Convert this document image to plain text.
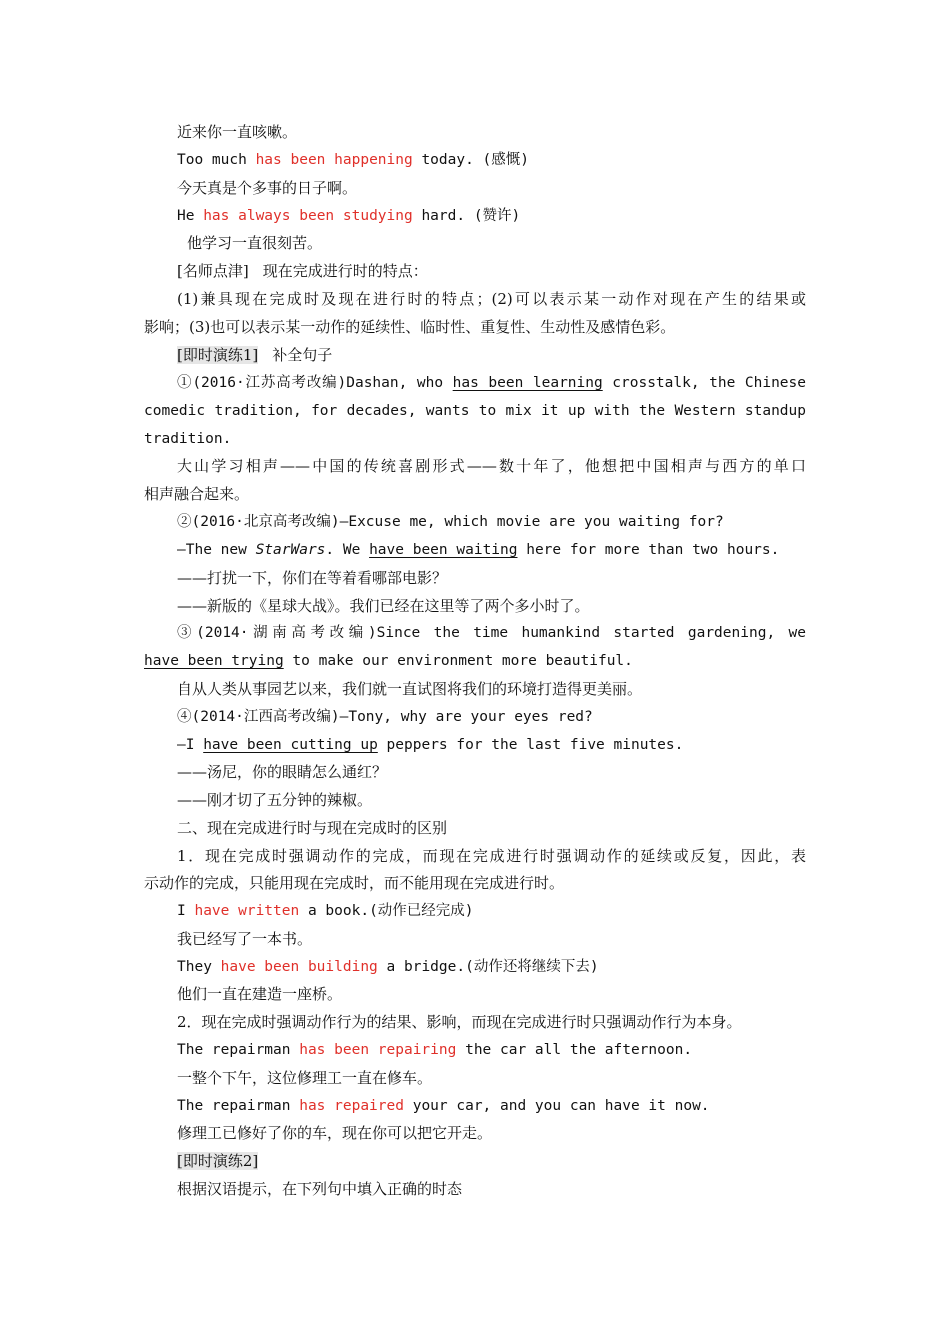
近来你一直咳嗽。
Too much has been happening today. (感慨)
今天真是个多事的日子啊。
He has always been studying hard. (赞许)
他学习一直很刻苦。
[名师点津] 现在完成进行时的特点：
(1)兼具现在完成时及现在进行时的特点；(2)可以表示某一动作对现在产生的结果或
影响；(3)也可以表示某一动作的延续性、临时性、重复性、生动性及感情色彩。
[即时演练1] 补全句子
①(2016·江苏高考改编)Dashan, who has been learning crosstalk, the Chinese
comedic tradition, for decades, wants to mix it up with the Western standup
tradition.
大山学习相声——中国的传统喜剧形式——数十年了，他想把中国相声与西方的单口
相声融合起来。
②(2016·北京高考改编)—Excuse me, which movie are you waiting for?
—The new StarWars. We have been waiting here for more than two hours.
——打扰一下，你们在等着看哪部电影？
——新版的《星球大战》。我们已经在这里等了两个多小时了。
③(2014·湖南高考改编)Since the time humankind started gardening, we
have been trying to make our environment more beautiful.
自从人类从事园艺以来，我们就一直试图将我们的环境打造得更美丽。
④(2014·江西高考改编)—Tony, why are your eyes red?
—I have been cutting up peppers for the last five minutes.
——汤尼，你的眼睛怎么通红？
——刚才切了五分钟的辣椒。
二、现在完成进行时与现在完成时的区别
1．现在完成时强调动作的完成，而现在完成进行时强调动作的延续或反复，因此，表
示动作的完成，只能用现在完成时，而不能用现在完成进行时。
I have written a book.(动作已经完成)
我已经写了一本书。
They have been building a bridge.(动作还将继续下去)
他们一直在建造一座桥。
2．现在完成时强调动作行为的结果、影响，而现在完成进行时只强调动作行为本身。
The repairman has been repairing the car all the afternoon.
一整个下午，这位修理工一直在修车。
The repairman has repaired your car, and you can have it now.
修理工已修好了你的车，现在你可以把它开走。
[即时演练2]
根据汉语提示，在下列句中填入正确的时态
